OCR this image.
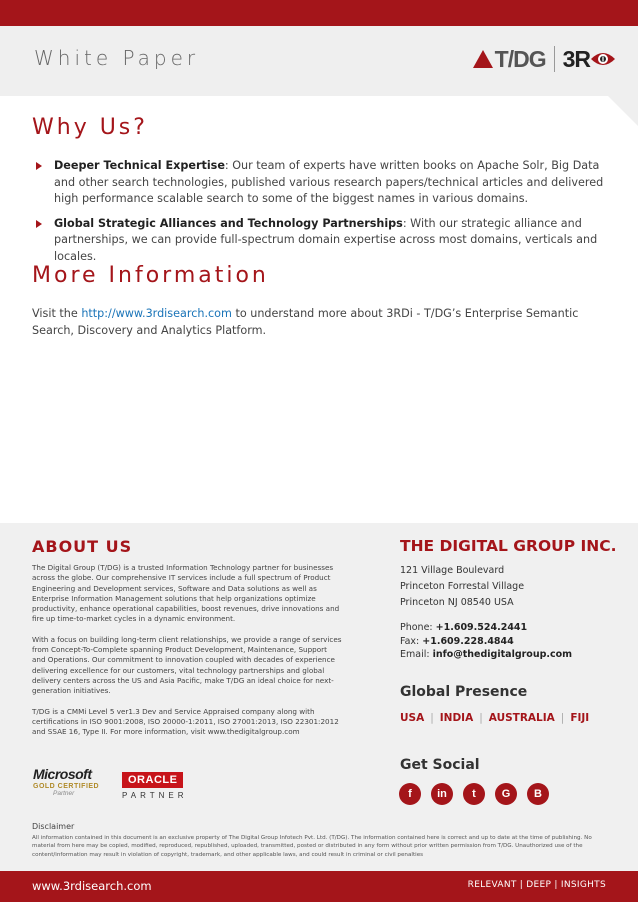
White Paper	T/DG 3R
Why Us?
Deeper Technical Expertise: Our team of experts have written books on Apache Solr, Big Data and other search technologies, published various research papers/technical articles and delivered high performance scalable search to some of the biggest names in various domains.
Global Strategic Alliances and Technology Partnerships: With our strategic alliance and partnerships, we can provide full-spectrum domain expertise across most domains, verticals and locales.
More Information

Visit the http://www.3rdisearch.com to understand more about 3RDi - T/DG’s Enterprise Semantic Search, Discovery and Analytics Platform.

ABOUT US

The Digital Group (T/DG) is a trusted Information Technology partner for businesses across the globe. Our comprehensive IT services include a full spectrum of Product Engineering and Development services, Software and Data solutions as well as Enterprise Information Management solutions that help organizations optimize productivity, enhance operational capabilities, boost revenues, drive innovations and fire up time-to-market cycles in a dynamic environment.

With a focus on building long-term client relationships, we provide a range of services from Concept-To-Complete spanning Product Development, Maintenance, Support and Operations. Our commitment to innovation coupled with decades of experience delivering excellence for our customers, vital technology partnerships and global delivery centers across the US and Asia Pacific, make T/DG an ideal choice for next-generation initiatives.

T/DG is a CMMi Level 5 ver1.3 Dev and Service Appraised company along with certifications in ISO 9001:2008, ISO 20000-1:2011, ISO 27001:2013, ISO 22301:2012 and SSAE 16, Type II. For more information, visit www.thedigitalgroup.com

Microsoft
GOLD CERTIFIED
Partner
ORACLE
PARTNER
THE DIGITAL GROUP INC.
121 Village Boulevard
Princeton Forrestal Village
Princeton NJ 08540 USA
Phone: +1.609.524.2441
Fax: +1.609.228.4844
Email: info@thedigitalgroup.com
Global Presence
USA | INDIA | AUSTRALIA | FIJI
Get Social
f	in	t	G	B
Disclaimer
All information contained in this document is an exclusive property of The Digital Group Infotech Pvt. Ltd. (T/DG). The information contained here is correct and up to date at the time of publishing. No material from here may be copied, modified, reproduced, republished, uploaded, transmitted, posted or distributed in any form without prior written permission from T/DG. Unauthorized use of the content/information may result in violation of copyright, trademark, and other applicable laws, and could result in criminal or civil penalties
www.3rdisearch.com	RELEVANT | DEEP | INSIGHTS
